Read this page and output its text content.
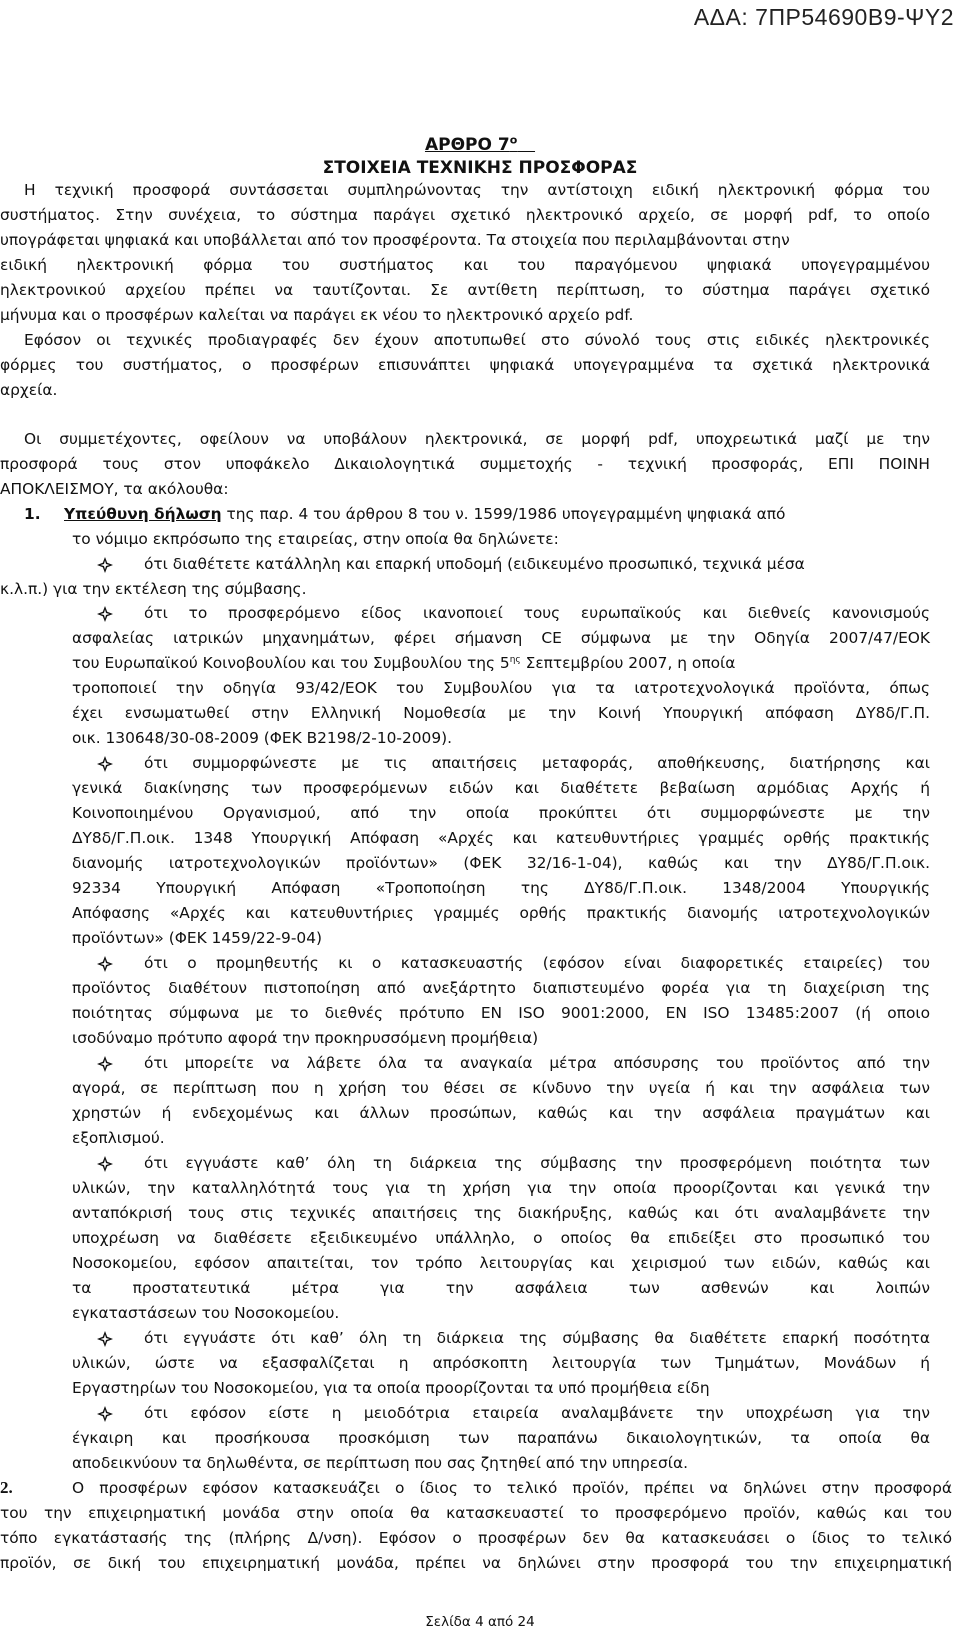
ΑΔΑ: 7ΠΡ54690Β9-ΨΥ2
ΑΡΘΡΟ $7^o$
ΣΤΟΙΧΕΙΑ ΤΕΧΝΙΚΗΣ ΠΡΟΣΦΟΡΑΣ
Η τεχνική προσφορά συντάσσεται συμπληρώνοντας την αντίστοιχη ειδική ηλεκτρονική φόρμα του
συστήματος. Στην συνέχεια, το σύστημα παράγει σχετικό ηλεκτρονικό αρχείο, σε μορφή pdf, το οποίο
υπογράφεται ψηφιακά και υποβάλλεται από τον προσφέροντα. Τα στοιχεία που περιλαμβάνονται στην
ειδική ηλεκτρονική φόρμα του συστήματος και του παραγόμενου ψηφιακά υπογεγραμμένου
ηλεκτρονικού αρχείου πρέπει να ταυτίζονται. Σε αντίθετη περίπτωση, το σύστημα παράγει σχετικό
μήνυμα και ο προσφέρων καλείται να παράγει εκ νέου το ηλεκτρονικό αρχείο pdf.
Εφόσον οι τεχνικές προδιαγραφές δεν έχουν αποτυπωθεί στο σύνολό τους στις ειδικές ηλεκτρονικές
φόρμες του συστήματος, ο προσφέρων επισυνάπτει ψηφιακά υπογεγραμμένα τα σχετικά ηλεκτρονικά
αρχεία.
Οι συμμετέχοντες, οφείλουν να υποβάλουν ηλεκτρονικά, σε μορφή pdf, υποχρεωτικά μαζί με την
προσφορά τους στον υποφάκελο Δικαιολογητικά συμμετοχής - τεχνική προσφοράς, ΕΠΙ ΠΟΙΝΗ
ΑΠΟΚΛΕΙΣΜΟΥ, τα ακόλουθα:
1. Υπεύθυνη δήλωση της παρ. 4 του άρθρου 8 του ν. 1599/1986 υπογεγραμμένη ψηφιακά από
το νόμιμο εκπρόσωπο της εταιρείας, στην οποία θα δηλώνετε:
ότι διαθέτετε κατάλληλη και επαρκή υποδομή (ειδικευμένο προσωπικό, τεχνικά μέσα
κ.λ.π.) για την εκτέλεση της σύμβασης.
ότι το προσφερόμενο είδος ικανοποιεί τους ευρωπαϊκούς και διεθνείς κανονισμούς
ασφαλείας ιατρικών μηχανημάτων, φέρει σήμανση CE σύμφωνα με την Οδηγία 2007/47/ΕΟΚ
του Ευρωπαϊκού Κοινοβουλίου και του Συμβουλίου της $5^{\eta\varsigma}$ Σεπτεμβρίου 2007, η οποία
τροποποιεί την οδηγία 93/42/ΕΟΚ του Συμβουλίου για τα ιατροτεχνολογικά προϊόντα, όπως
έχει ενσωματωθεί στην Ελληνική Νομοθεσία με την Κοινή Υπουργική απόφαση ΔΥ8δ/Γ.Π.
οικ. 130648/30-08-2009 (ΦΕΚ Β2198/2-10-2009).
ότι συμμορφώνεστε με τις απαιτήσεις μεταφοράς, αποθήκευσης, διατήρησης και
γενικά διακίνησης των προσφερόμενων ειδών και διαθέτετε βεβαίωση αρμόδιας Αρχής ή
Κοινοποιημένου Οργανισμού, από την οποία προκύπτει ότι συμμορφώνεστε με την
ΔΥ8δ/Γ.Π.οικ. 1348 Υπουργική Απόφαση «Αρχές και κατευθυντήριες γραμμές ορθής πρακτικής
διανομής ιατροτεχνολογικών προϊόντων» (ΦΕΚ 32/16-1-04), καθώς και την ΔΥ8δ/Γ.Π.οικ.
92334 Υπουργική Απόφαση «Τροποποίηση της ΔΥ8δ/Γ.Π.οικ. 1348/2004 Υπουργικής
Απόφασης «Αρχές και κατευθυντήριες γραμμές ορθής πρακτικής διανομής ιατροτεχνολογικών
προϊόντων» (ΦΕΚ 1459/22-9-04)
ότι ο προμηθευτής κι ο κατασκευαστής (εφόσον είναι διαφορετικές εταιρείες) του
προϊόντος διαθέτουν πιστοποίηση από ανεξάρτητο διαπιστευμένο φορέα για τη διαχείριση της
ποιότητας σύμφωνα με το διεθνές πρότυπο EN ISO 9001:2000, EN ISO 13485:2007 (ή οποιο
ισοδύναμο πρότυπο αφορά την προκηρυσσόμενη προμήθεια)
ότι μπορείτε να λάβετε όλα τα αναγκαία μέτρα απόσυρσης του προϊόντος από την
αγορά, σε περίπτωση που η χρήση του θέσει σε κίνδυνο την υγεία ή και την ασφάλεια των
χρηστών ή ενδεχομένως και άλλων προσώπων, καθώς και την ασφάλεια πραγμάτων και
εξοπλισμού.
ότι εγγυάστε καθ’ όλη τη διάρκεια της σύμβασης την προσφερόμενη ποιότητα των
υλικών, την καταλληλότητά τους για τη χρήση για την οποία προορίζονται και γενικά την
ανταπόκρισή τους στις τεχνικές απαιτήσεις της διακήρυξης, καθώς και ότι αναλαμβάνετε την
υποχρέωση να διαθέσετε εξειδικευμένο υπάλληλο, ο οποίος θα επιδείξει στο προσωπικό του
Νοσοκομείου, εφόσον απαιτείται, τον τρόπο λειτουργίας και χειρισμού των ειδών, καθώς και
τα προστατευτικά μέτρα για την ασφάλεια των ασθενών και λοιπών
εγκαταστάσεων του Νοσοκομείου.
ότι εγγυάστε ότι καθ’ όλη τη διάρκεια της σύμβασης θα διαθέτετε επαρκή ποσότητα
υλικών, ώστε να εξασφαλίζεται η απρόσκοπτη λειτουργία των Τμημάτων, Μονάδων ή
Εργαστηρίων του Νοσοκομείου, για τα οποία προορίζονται τα υπό προμήθεια είδη
ότι εφόσον είστε η μειοδότρια εταιρεία αναλαμβάνετε την υποχρέωση για την
έγκαιρη και προσήκουσα προσκόμιση των παραπάνω δικαιολογητικών, τα οποία θα
αποδεικνύουν τα δηλωθέντα, σε περίπτωση που σας ζητηθεί από την υπηρεσία.
2.	Ο προσφέρων εφόσον κατασκευάζει ο ίδιος το τελικό προϊόν, πρέπει να δηλώνει στην προσφορά
του την επιχειρηματική μονάδα στην οποία θα κατασκευαστεί το προσφερόμενο προϊόν, καθώς και του
τόπο εγκατάστασής της (πλήρης Δ/νση). Εφόσον ο προσφέρων δεν θα κατασκευάσει ο ίδιος το τελικό
προϊόν, σε δική του επιχειρηματική μονάδα, πρέπει να δηλώνει στην προσφορά του την επιχειρηματική
Σελίδα 4 από 24
